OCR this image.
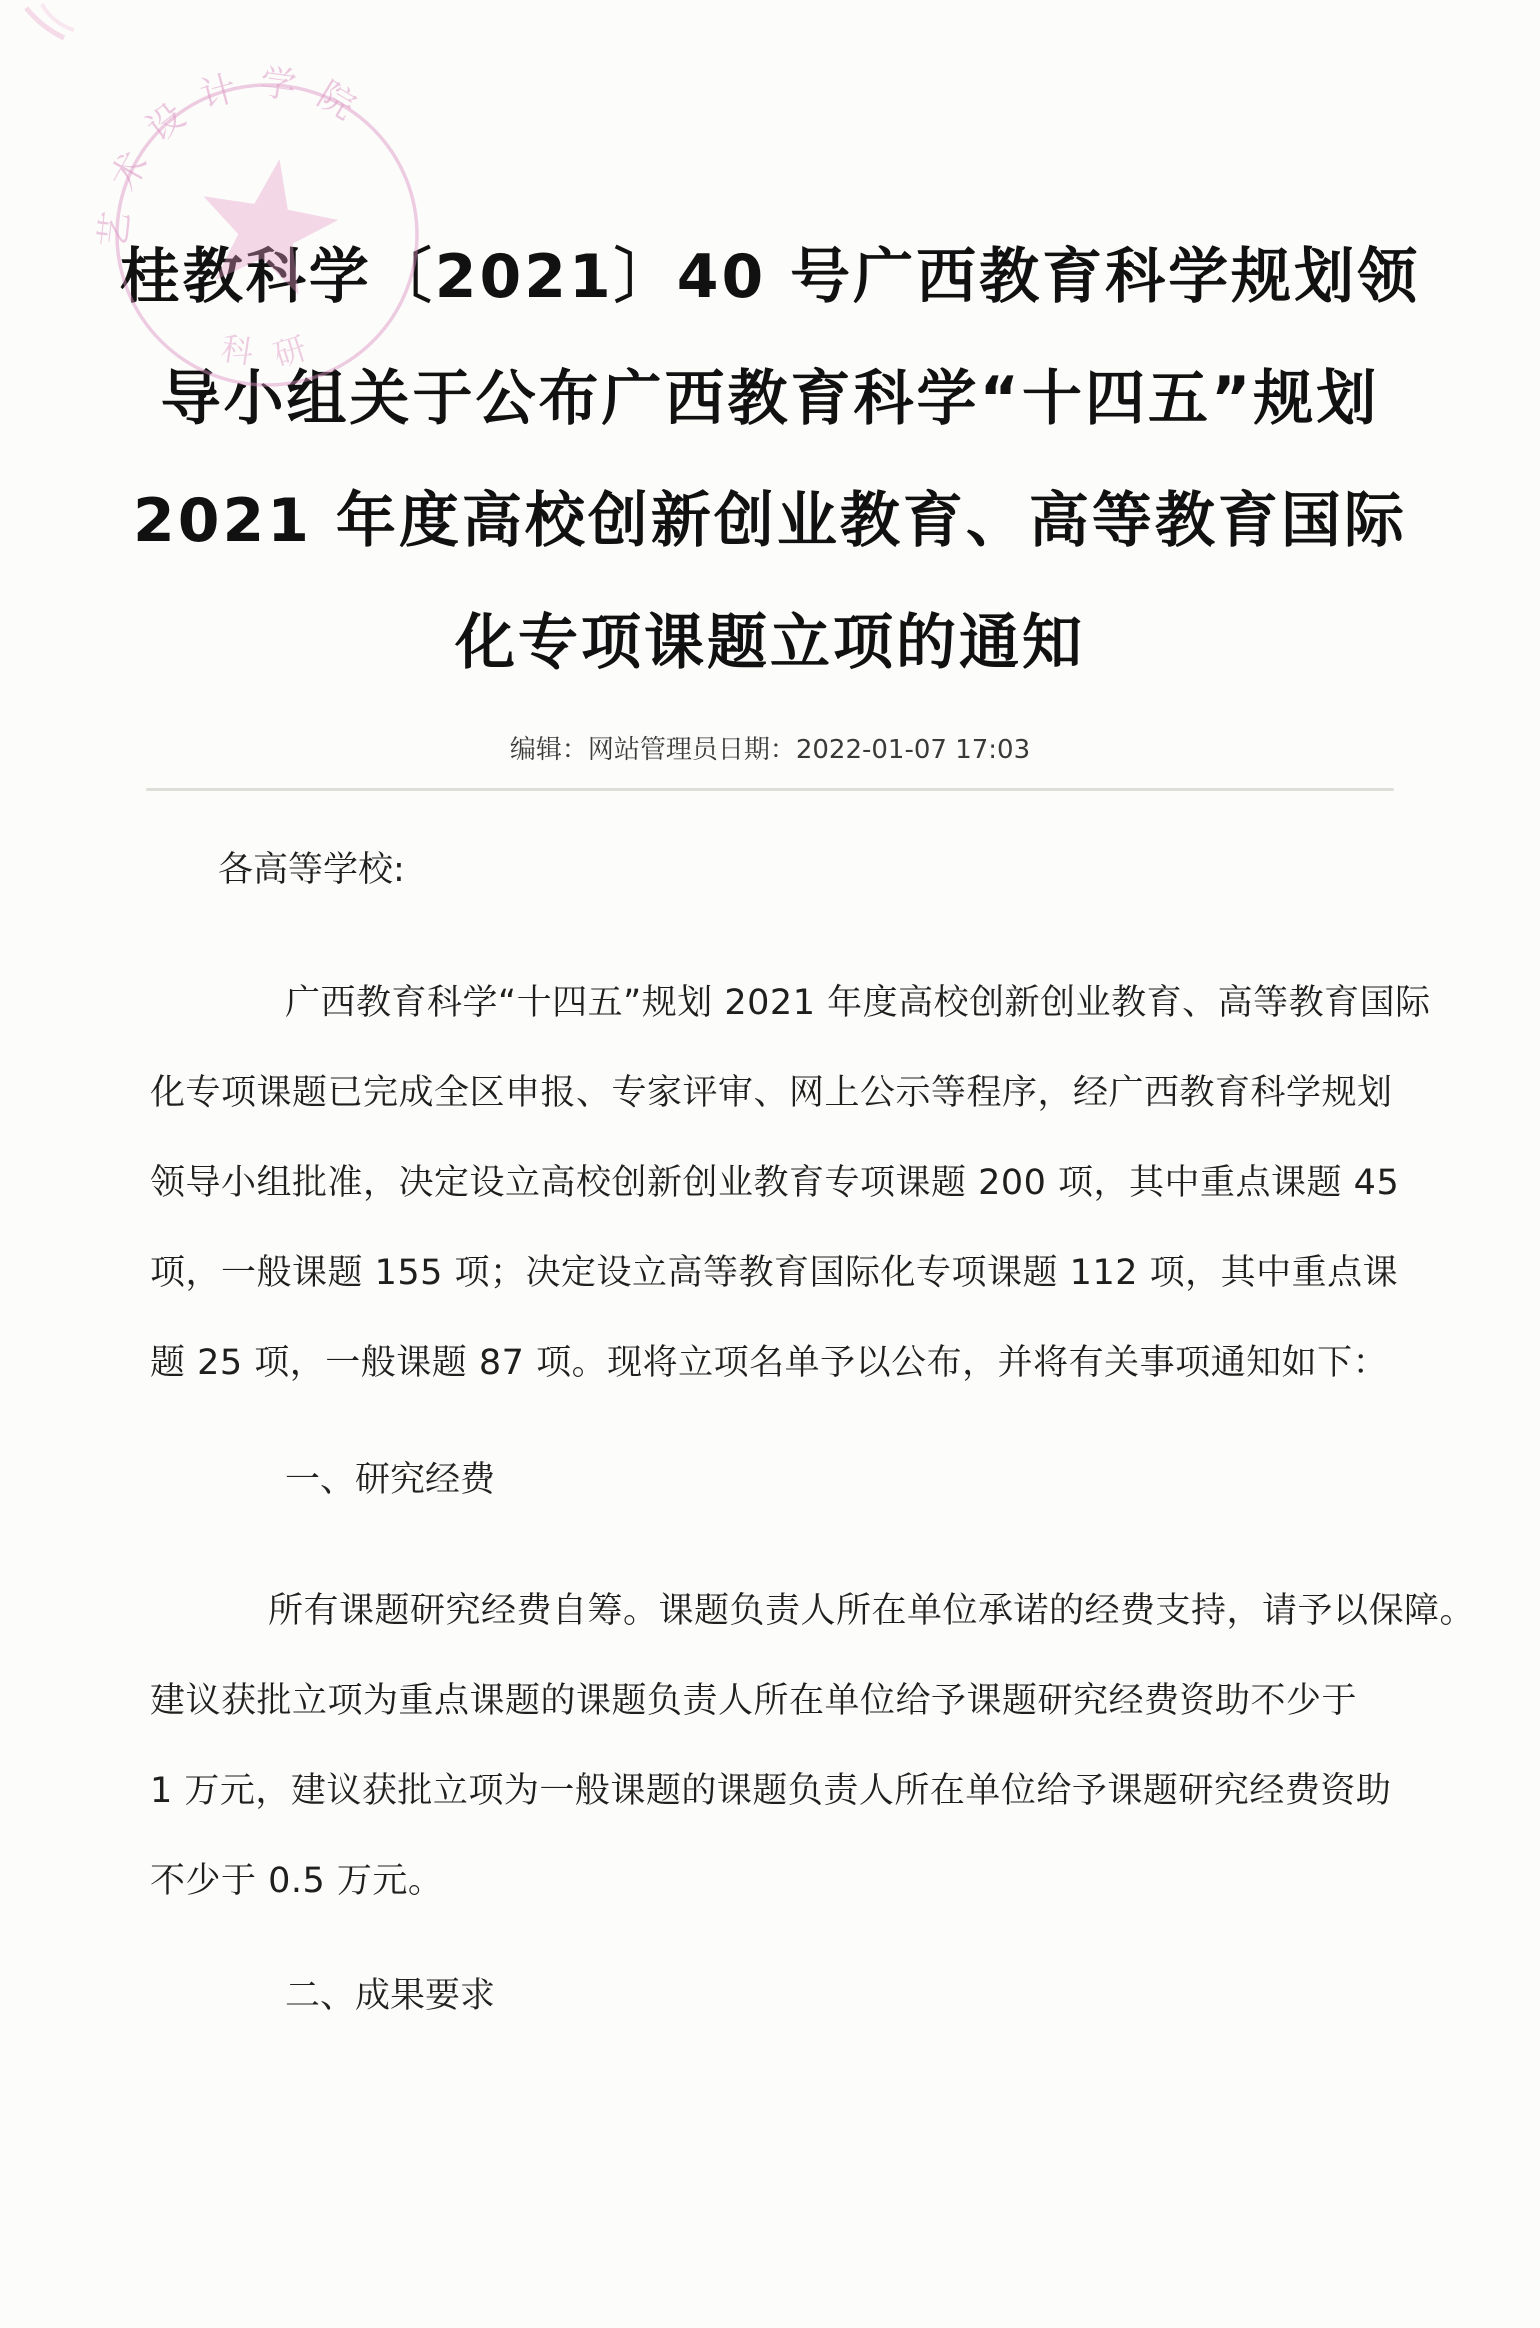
艺术设计学院
科研
桂教科学〔2021〕40 号广西教育科学规划领
导小组关于公布广西教育科学“十四五”规划
2021 年度高校创新创业教育、高等教育国际
化专项课题立项的通知
编辑：网站管理员日期：2022-01-07 17:03
各高等学校:
广西教育科学“十四五”规划 2021 年度高校创新创业教育、高等教育国际
化专项课题已完成全区申报、专家评审、网上公示等程序，经广西教育科学规划
领导小组批准，决定设立高校创新创业教育专项课题 200 项，其中重点课题 45
项，一般课题 155 项；决定设立高等教育国际化专项课题 112 项，其中重点课
题 25 项，一般课题 87 项。现将立项名单予以公布，并将有关事项通知如下：
一、研究经费
所有课题研究经费自筹。课题负责人所在单位承诺的经费支持，请予以保障。
建议获批立项为重点课题的课题负责人所在单位给予课题研究经费资助不少于
1 万元，建议获批立项为一般课题的课题负责人所在单位给予课题研究经费资助
不少于 0.5 万元。
二、成果要求
